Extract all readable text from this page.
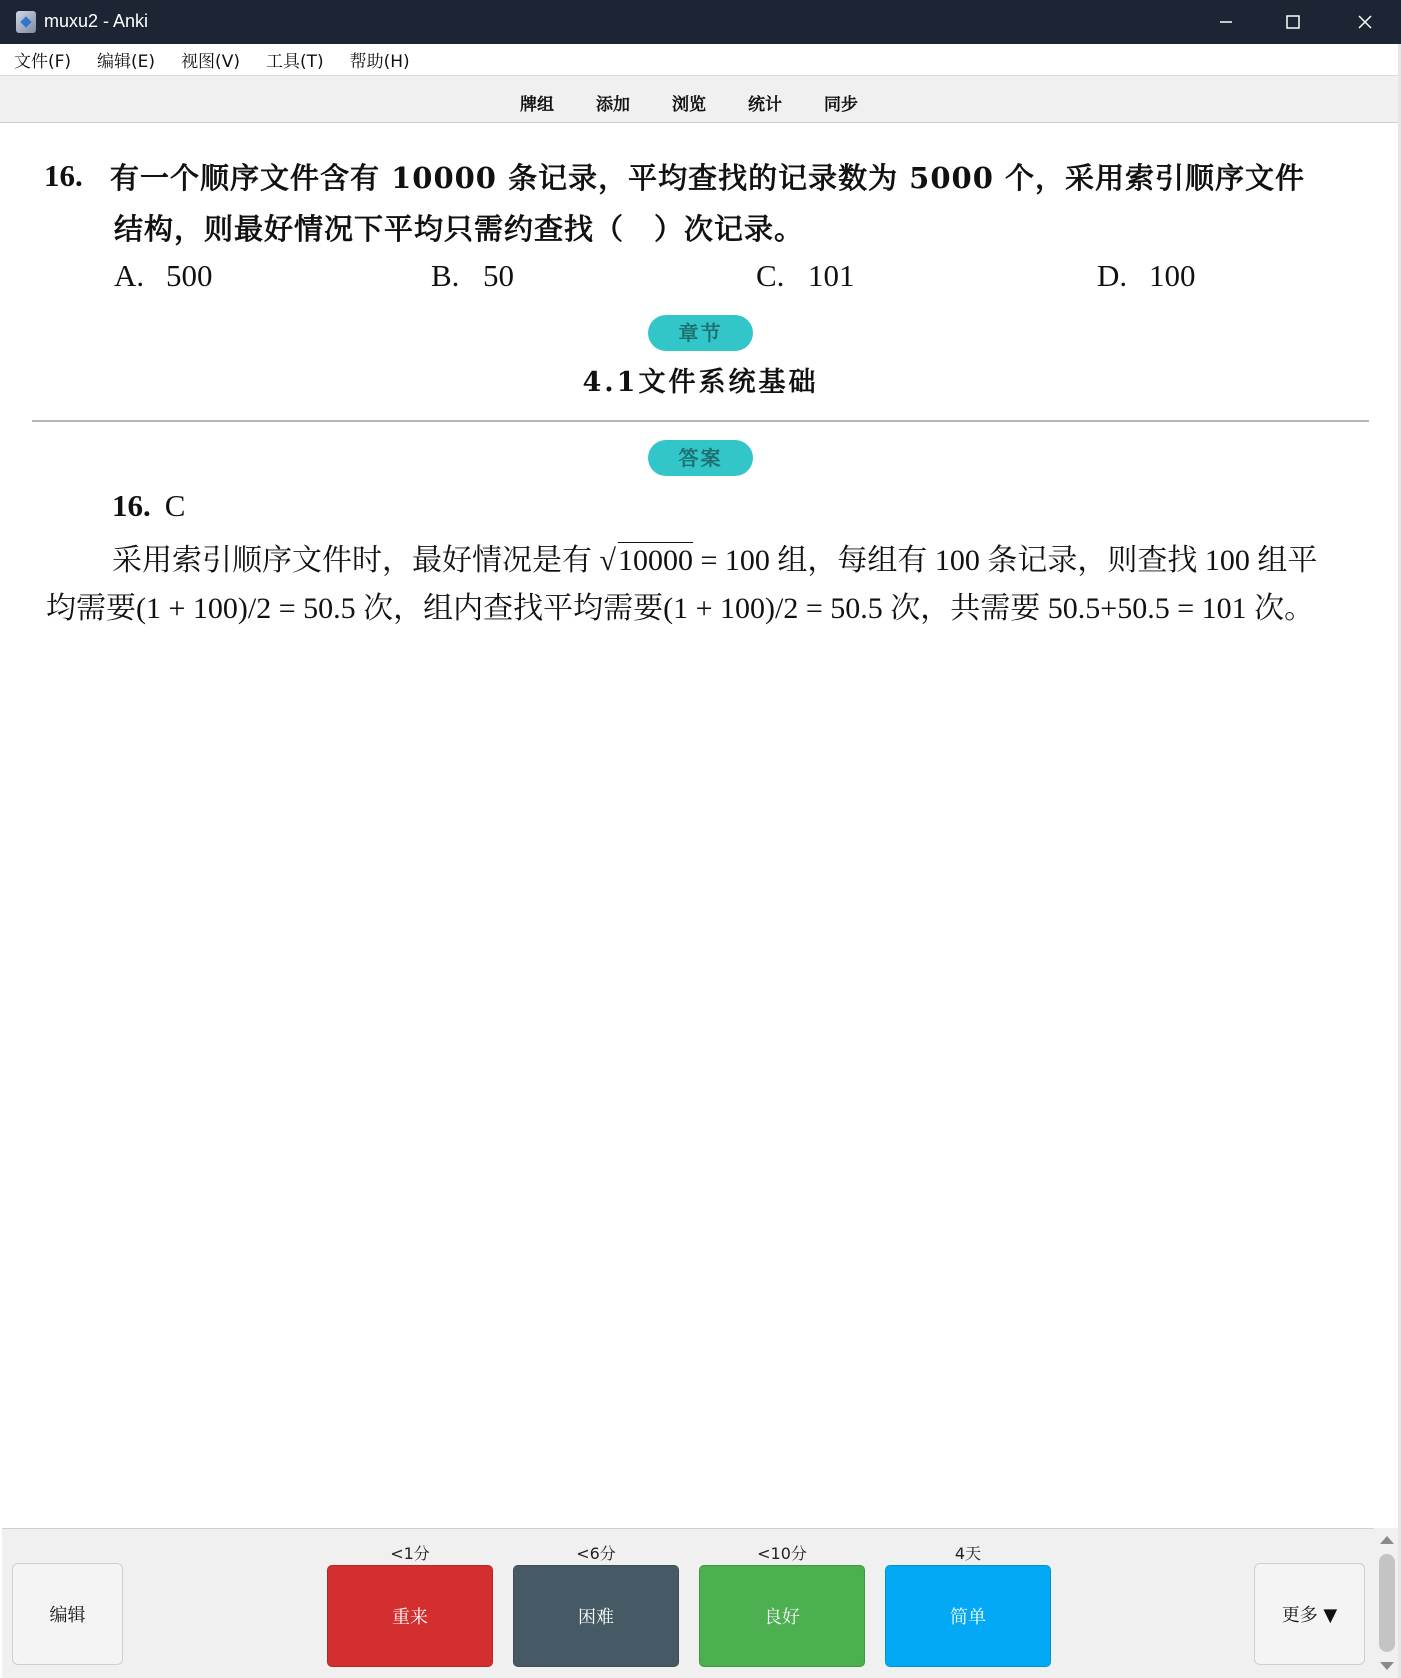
muxu2 - Anki
文件(F) 编辑(E) 视图(V) 工具(T) 帮助(H)
牌组 添加 浏览 统计 同步
16. 有一个顺序文件含有 10000 条记录，平均查找的记录数为 5000 个，采用索引顺序文件
结构，则最好情况下平均只需约查找（　）次记录。
A. 500	B. 50	C. 101	D. 100
章节
4.1文件系统基础
答案
16. C
采用索引顺序文件时，最好情况是有 √10000 = 100 组，每组有 100 条记录，则查找 100 组平
均需要(1 + 100)/2 = 50.5 次，组内查找平均需要(1 + 100)/2 = 50.5 次，共需要 50.5+50.5 = 101 次。
编辑
<1分
重来
<6分
困难
<10分
良好
4天
简单	更多 ▼
